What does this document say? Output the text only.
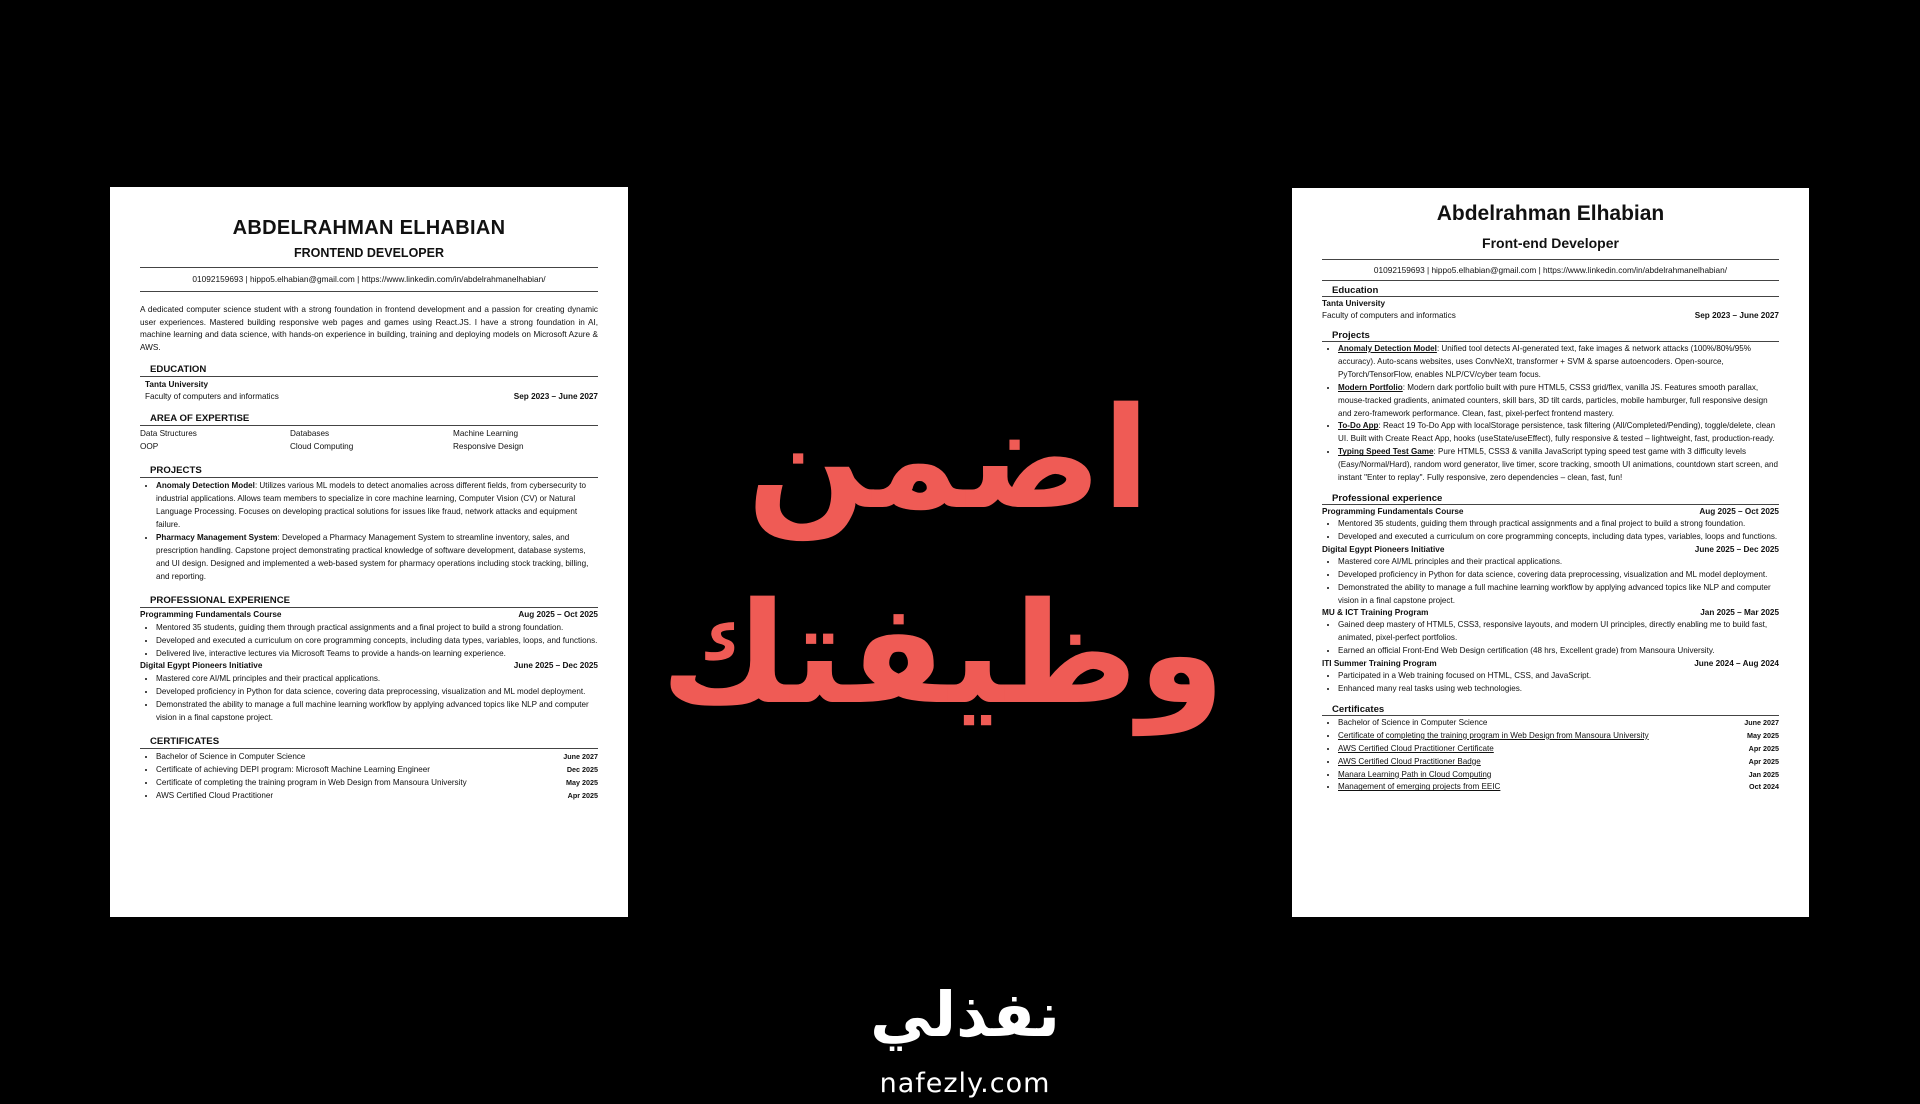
ABDELRAHMAN ELHABIAN
FRONTEND DEVELOPER
01092159693 | hippo5.elhabian@gmail.com | https://www.linkedin.com/in/abdelrahmanelhabian/
A dedicated computer science student with a strong foundation in frontend development and a passion for creating dynamic user experiences. Mastered building responsive web pages and games using React.JS. I have a strong foundation in AI, machine learning and data science, with hands-on experience in building, training and deploying models on Microsoft Azure & AWS.
EDUCATION
Tanta University
Faculty of computers and informatics	Sep 2023 – June 2027
AREA OF EXPERTISE
Data Structures	Databases	Machine Learning
OOP	Cloud Computing	Responsive Design
PROJECTS
• Anomaly Detection Model: Utilizes various ML models to detect anomalies across different fields, from cybersecurity to industrial applications. Allows team members to specialize in core machine learning, Computer Vision (CV) or Natural Language Processing. Focuses on developing practical solutions for issues like fraud, network attacks and equipment failure.
• Pharmacy Management System: Developed a Pharmacy Management System to streamline inventory, sales, and prescription handling. Capstone project demonstrating practical knowledge of software development, database systems, and UI design. Designed and implemented a web-based system for pharmacy operations including stock tracking, billing, and reporting.
PROFESSIONAL EXPERIENCE
Programming Fundamentals Course	Aug 2025 – Oct 2025
• Mentored 35 students, guiding them through practical assignments and a final project to build a strong foundation.
• Developed and executed a curriculum on core programming concepts, including data types, variables, loops, and functions.
• Delivered live, interactive lectures via Microsoft Teams to provide a hands-on learning experience.
Digital Egypt Pioneers Initiative	June 2025 – Dec 2025
• Mastered core AI/ML principles and their practical applications.
• Developed proficiency in Python for data science, covering data preprocessing, visualization and ML model deployment.
• Demonstrated the ability to manage a full machine learning workflow by applying advanced topics like NLP and computer vision in a final capstone project.
CERTIFICATES
• Bachelor of Science in Computer Science	June 2027
• Certificate of achieving DEPI program: Microsoft Machine Learning Engineer	Dec 2025
• Certificate of completing the training program in Web Design from Mansoura University	May 2025
• AWS Certified Cloud Practitioner	Apr 2025
Abdelrahman Elhabian
Front-end Developer
01092159693 | hippo5.elhabian@gmail.com | https://www.linkedin.com/in/abdelrahmanelhabian/
Education
Tanta University
Faculty of computers and informatics	Sep 2023 – June 2027
Projects
• Anomaly Detection Model: Unified tool detects AI-generated text, fake images & network attacks (100%/80%/95% accuracy). Auto-scans websites, uses ConvNeXt, transformer + SVM & sparse autoencoders. Open-source, PyTorch/TensorFlow, enables NLP/CV/cyber team focus.
• Modern Portfolio: Modern dark portfolio built with pure HTML5, CSS3 grid/flex, vanilla JS. Features smooth parallax, mouse-tracked gradients, animated counters, skill bars, 3D tilt cards, particles, mobile hamburger, full responsive design and zero-framework performance. Clean, fast, pixel-perfect frontend mastery.
• To-Do App: React 19 To-Do App with localStorage persistence, task filtering (All/Completed/Pending), toggle/delete, clean UI. Built with Create React App, hooks (useState/useEffect), fully responsive & tested – lightweight, fast, production-ready.
• Typing Speed Test Game: Pure HTML5, CSS3 & vanilla JavaScript typing speed test game with 3 difficulty levels (Easy/Normal/Hard), random word generator, live timer, score tracking, smooth UI animations, countdown start screen, and instant "Enter to replay". Fully responsive, zero dependencies – clean, fast, fun!
Professional experience
Programming Fundamentals Course	Aug 2025 – Oct 2025
• Mentored 35 students, guiding them through practical assignments and a final project to build a strong foundation.
• Developed and executed a curriculum on core programming concepts, including data types, variables, loops and functions.
Digital Egypt Pioneers Initiative	June 2025 – Dec 2025
• Mastered core AI/ML principles and their practical applications.
• Developed proficiency in Python for data science, covering data preprocessing, visualization and ML model deployment.
• Demonstrated the ability to manage a full machine learning workflow by applying advanced topics like NLP and computer vision in a final capstone project.
MU & ICT Training Program	Jan 2025 – Mar 2025
• Gained deep mastery of HTML5, CSS3, responsive layouts, and modern UI principles, directly enabling me to build fast, animated, pixel-perfect portfolios.
• Earned an official Front-End Web Design certification (48 hrs, Excellent grade) from Mansoura University.
ITI Summer Training Program	June 2024 – Aug 2024
• Participated in a Web training focused on HTML, CSS, and JavaScript.
• Enhanced many real tasks using web technologies.
Certificates
• Bachelor of Science in Computer Science	June 2027
• Certificate of completing the training program in Web Design from Mansoura University	May 2025
• AWS Certified Cloud Practitioner Certificate	Apr 2025
• AWS Certified Cloud Practitioner Badge	Apr 2025
• Manara Learning Path in Cloud Computing	Jan 2025
• Management of emerging projects from EEIC	Oct 2024
اضمن
وظيفتك
نفذلي
nafezly.com
